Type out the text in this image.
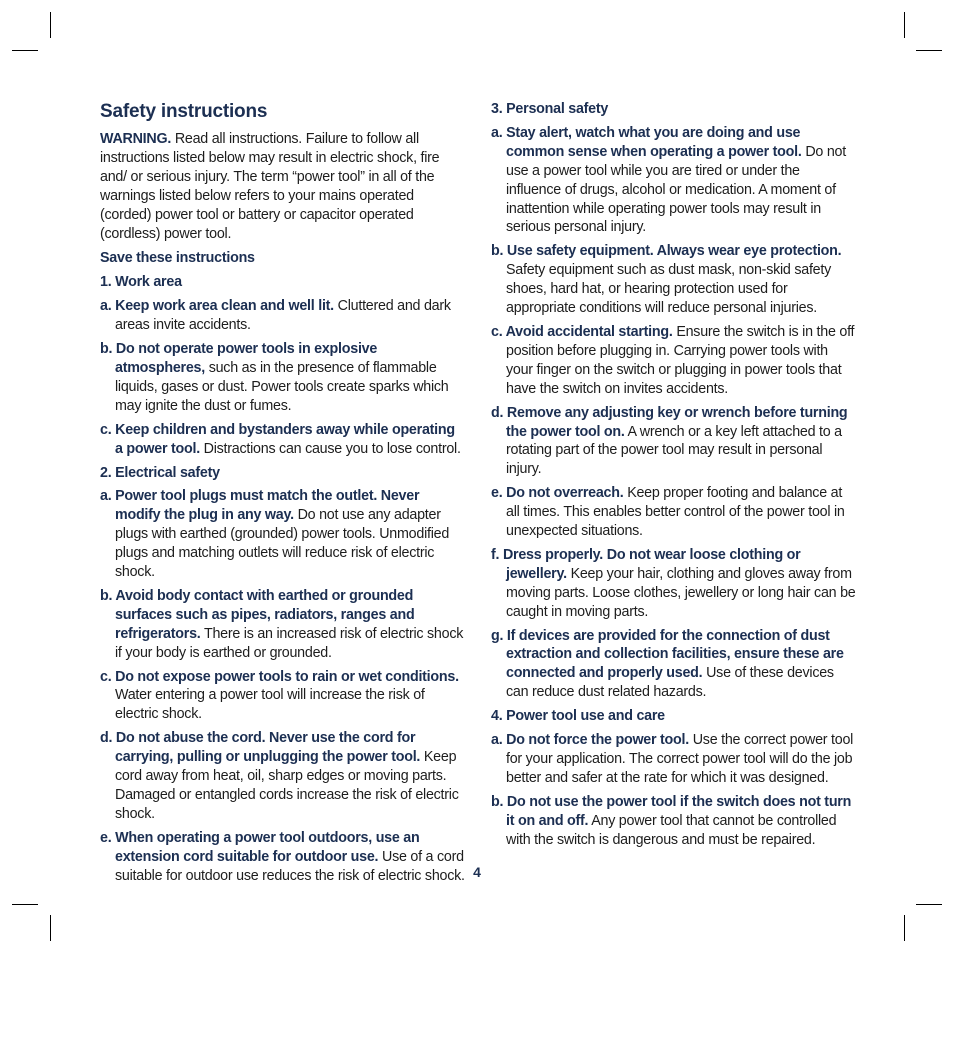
Safety instructions
WARNING. Read all instructions. Failure to follow all instructions listed below may result in electric shock, fire and/ or serious injury. The term “power tool” in all of the warnings listed below refers to your mains operated (corded) power tool or battery or capacitor operated (cordless) power tool.
Save these instructions
1. Work area
a. Keep work area clean and well lit. Cluttered and dark areas invite accidents.
b. Do not operate power tools in explosive atmospheres, such as in the presence of flammable liquids, gases or dust. Power tools create sparks which may ignite the dust or fumes.
c. Keep children and bystanders away while operating a power tool. Distractions can cause you to lose control.
2. Electrical safety
a. Power tool plugs must match the outlet. Never modify the plug in any way. Do not use any adapter plugs with earthed (grounded) power tools. Unmodified plugs and matching outlets will reduce risk of electric shock.
b. Avoid body contact with earthed or grounded surfaces such as pipes, radiators, ranges and refrigerators. There is an increased risk of electric shock if your body is earthed or grounded.
c. Do not expose power tools to rain or wet conditions. Water entering a power tool will increase the risk of electric shock.
d. Do not abuse the cord. Never use the cord for carrying, pulling or unplugging the power tool. Keep cord away from heat, oil, sharp edges or moving parts. Damaged or entangled cords increase the risk of electric shock.
e. When operating a power tool outdoors, use an extension cord suitable for outdoor use. Use of a cord suitable for outdoor use reduces the risk of electric shock.
3. Personal safety
a. Stay alert, watch what you are doing and use common sense when operating a power tool. Do not use a power tool while you are tired or under the influence of drugs, alcohol or medication. A moment of inattention while operating power tools may result in serious personal injury.
b. Use safety equipment. Always wear eye protection. Safety equipment such as dust mask, non-skid safety shoes, hard hat, or hearing protection used for appropriate conditions will reduce personal injuries.
c. Avoid accidental starting. Ensure the switch is in the off position before plugging in. Carrying power tools with your finger on the switch or plugging in power tools that have the switch on invites accidents.
d. Remove any adjusting key or wrench before turning the power tool on. A wrench or a key left attached to a rotating part of the power tool may result in personal injury.
e. Do not overreach. Keep proper footing and balance at all times. This enables better control of the power tool in unexpected situations.
f. Dress properly. Do not wear loose clothing or jewellery. Keep your hair, clothing and gloves away from moving parts. Loose clothes, jewellery or long hair can be caught in moving parts.
g. If devices are provided for the connection of dust extraction and collection facilities, ensure these are connected and properly used. Use of these devices can reduce dust related hazards.
4. Power tool use and care
a. Do not force the power tool. Use the correct power tool for your application. The correct power tool will do the job better and safer at the rate for which it was designed.
b. Do not use the power tool if the switch does not turn it on and off. Any power tool that cannot be controlled with the switch is dangerous and must be repaired.
4
